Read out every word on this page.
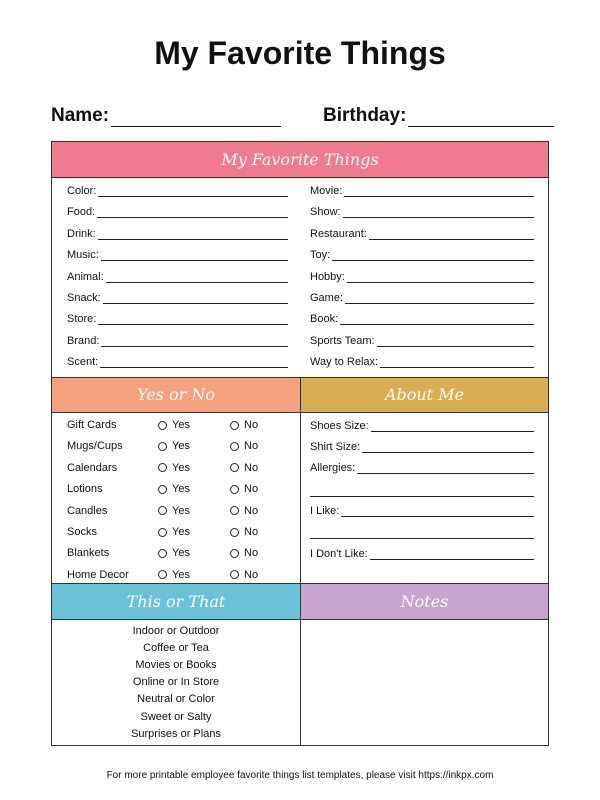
My Favorite Things
Name:	Birthday:
My Favorite Things
Color:
Food:
Drink:
Music:
Animal:
Snack:
Store:
Brand:
Scent:
Movie:
Show:
Restaurant:
Toy:
Hobby:
Game:
Book:
Sports Team:
Way to Relax:
Yes or No	About Me
Gift Cards	Yes	No
Mugs/Cups	Yes	No
Calendars	Yes	No
Lotions	Yes	No
Candles	Yes	No
Socks	Yes	No
Blankets	Yes	No
Home Decor	Yes	No
Shoes Size:
Shirt Size:
Allergies:
I Like:
I Don't Like:
This or That	Notes
Indoor or Outdoor
Coffee or Tea
Movies or Books
Online or In Store
Neutral or Color
Sweet or Salty
Surprises or Plans
For more printable employee favorite things list templates, please visit https://inkpx.com
